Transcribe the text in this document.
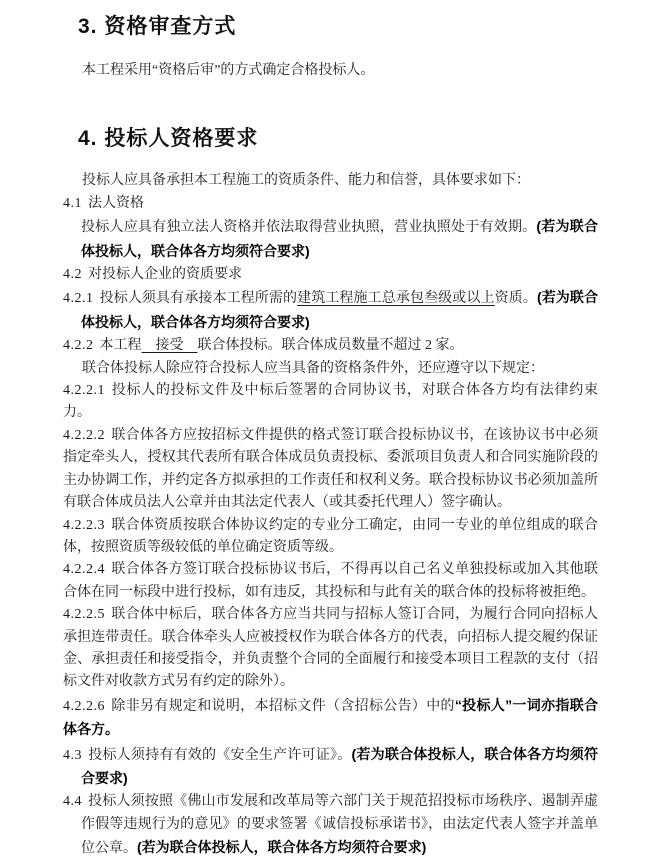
3. 资格审查方式

本工程采用“资格后审”的方式确定合格投标人。

4. 投标人资格要求

投标人应具备承担本工程施工的资质条件、能力和信誉，具体要求如下：

4.1 法人资格

投标人应具有独立法人资格并依法取得营业执照，营业执照处于有效期。(若为联合体投标人，联合体各方均须符合要求)

4.2 对投标人企业的资质要求

4.2.1 投标人须具有承接本工程所需的建筑工程施工总承包叁级或以上资质。(若为联合体投标人，联合体各方均须符合要求)

4.2.2 本工程　接受　联合体投标。联合体成员数量不超过 2 家。

联合体投标人除应符合投标人应当具备的资格条件外，还应遵守以下规定：

4.2.2.1 投标人的投标文件及中标后签署的合同协议书，对联合体各方均有法律约束力。

4.2.2.2 联合体各方应按招标文件提供的格式签订联合投标协议书，在该协议书中必须指定牵头人，授权其代表所有联合体成员负责投标、委派项目负责人和合同实施阶段的主办协调工作，并约定各方拟承担的工作责任和权利义务。联合投标协议书必须加盖所有联合体成员法人公章并由其法定代表人（或其委托代理人）签字确认。

4.2.2.3 联合体资质按联合体协议约定的专业分工确定，由同一专业的单位组成的联合体，按照资质等级较低的单位确定资质等级。

4.2.2.4 联合体各方签订联合投标协议书后，不得再以自己名义单独投标或加入其他联合体在同一标段中进行投标，如有违反，其投标和与此有关的联合体的投标将被拒绝。

4.2.2.5 联合体中标后，联合体各方应当共同与招标人签订合同，为履行合同向招标人承担连带责任。联合体牵头人应被授权作为联合体各方的代表，向招标人提交履约保证金、承担责任和接受指令，并负责整个合同的全面履行和接受本项目工程款的支付（招标文件对收款方式另有约定的除外）。

4.2.2.6 除非另有规定和说明，本招标文件（含招标公告）中的“投标人”一词亦指联合体各方。

4.3 投标人须持有有效的《安全生产许可证》。(若为联合体投标人，联合体各方均须符合要求)

4.4 投标人须按照《佛山市发展和改革局等六部门关于规范招投标市场秩序、遏制弄虚作假等违规行为的意见》的要求签署《诚信投标承诺书》，由法定代表人签字并盖单位公章。(若为联合体投标人，联合体各方均须符合要求)
